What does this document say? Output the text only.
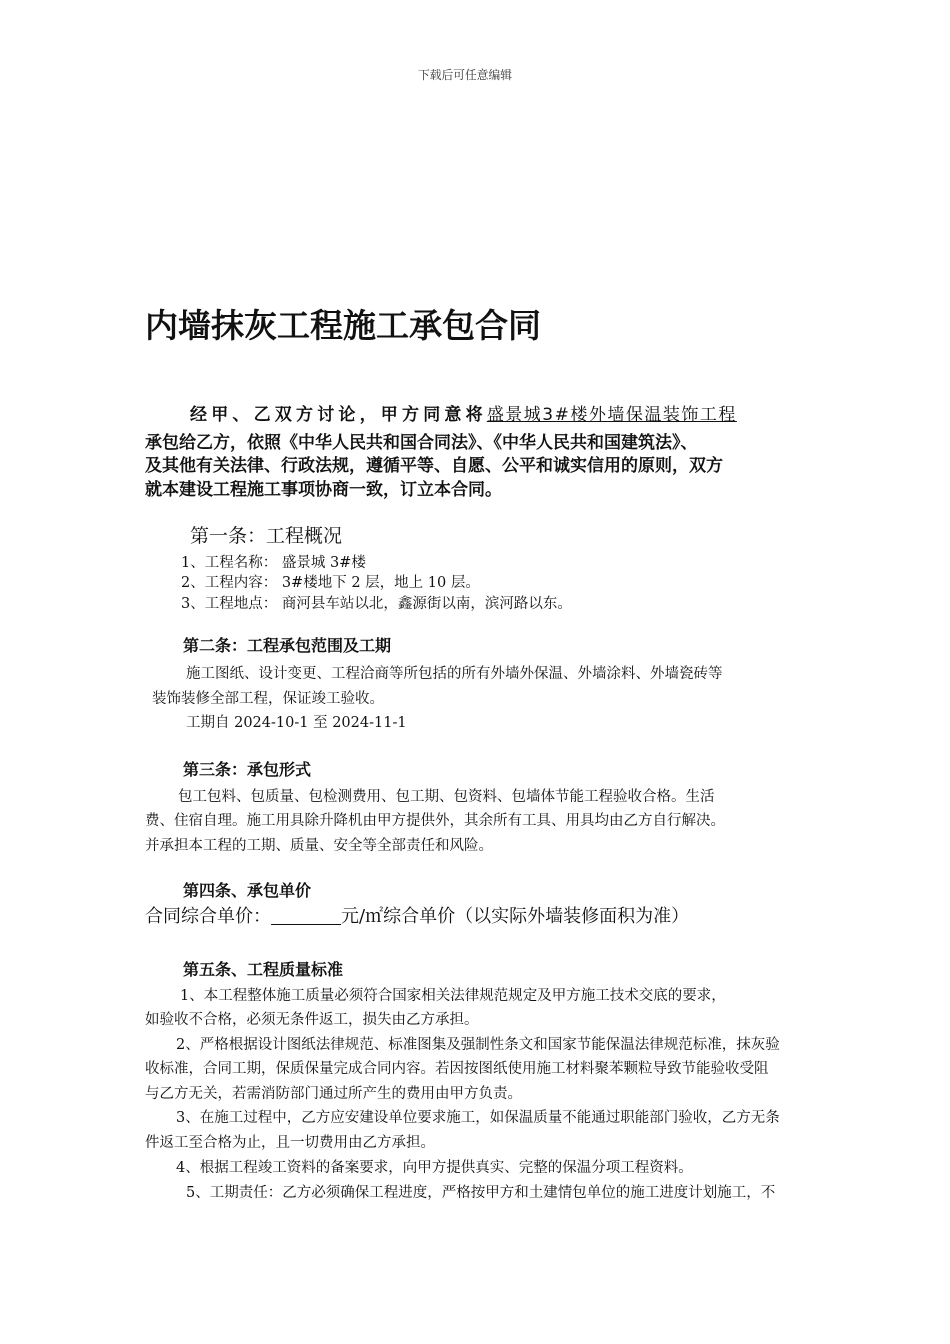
下载后可任意编辑
内墙抹灰工程施工承包合同
经甲、乙双方讨论，甲方同意将盛景城3#楼外墙保温装饰工程
承包给乙方，依照《中华人民共和国合同法》、《中华人民共和国建筑法》、
及其他有关法律、行政法规，遵循平等、自愿、公平和诚实信用的原则，双方
就本建设工程施工事项协商一致，订立本合同。
第一条：工程概况
1、工程名称： 盛景城 3#楼
2、工程内容： 3#楼地下 2 层，地上 10 层。
3、工程地点： 商河县车站以北，鑫源街以南，滨河路以东。
第二条：工程承包范围及工期
施工图纸、设计变更、工程洽商等所包括的所有外墙外保温、外墙涂料、外墙瓷砖等
装饰装修全部工程，保证竣工验收。
工期自 2024-10-1 至 2024-11-1
第三条：承包形式
包工包料、包质量、包检测费用、包工期、包资料、包墙体节能工程验收合格。生活
费、住宿自理。施工用具除升降机由甲方提供外，其余所有工具、用具均由乙方自行解决。
并承担本工程的工期、质量、安全等全部责任和风险。
第四条、承包单价
合同综合单价：	元/㎡综合单价（以实际外墙装修面积为准）
第五条、工程质量标准
1、本工程整体施工质量必须符合国家相关法律规范规定及甲方施工技术交底的要求，
如验收不合格，必须无条件返工，损失由乙方承担。
2、严格根据设计图纸法律规范、标准图集及强制性条文和国家节能保温法律规范标准，抹灰验
收标准，合同工期，保质保量完成合同内容。若因按图纸使用施工材料聚苯颗粒导致节能验收受阻
与乙方无关，若需消防部门通过所产生的费用由甲方负责。
3、在施工过程中，乙方应安建设单位要求施工，如保温质量不能通过职能部门验收，乙方无条
件返工至合格为止，且一切费用由乙方承担。
4、根据工程竣工资料的备案要求，向甲方提供真实、完整的保温分项工程资料。
5、工期责任：乙方必须确保工程进度，严格按甲方和土建情包单位的施工进度计划施工，不
